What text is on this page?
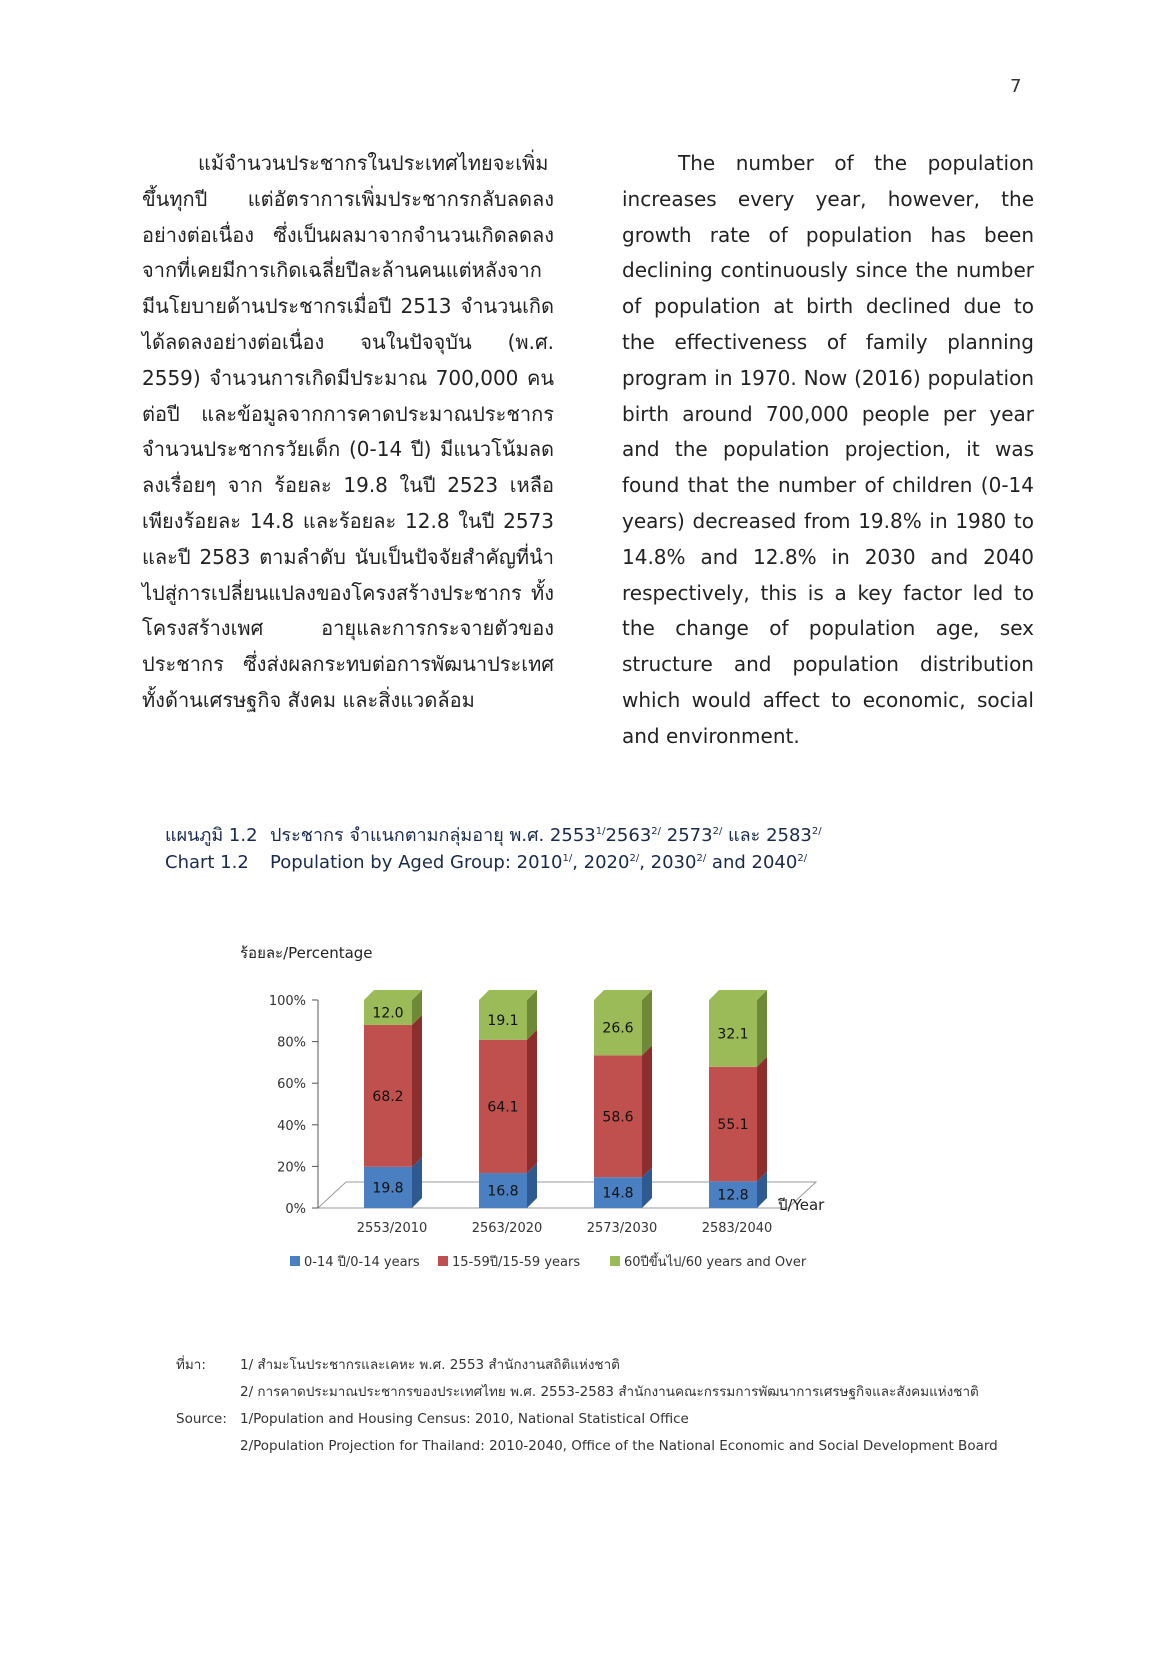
7

แม้จำนวนประชากรในประเทศไทยจะเพิ่มขึ้นทุกปี แต่อัตราการเพิ่มประชากรกลับลดลงอย่างต่อเนื่อง ซึ่งเป็นผลมาจากจำนวนเกิดลดลงจากที่เคยมีการเกิดเฉลี่ยปีละล้านคนแต่หลังจากมีนโยบายด้านประชากรเมื่อปี 2513 จำนวนเกิดได้ลดลงอย่างต่อเนื่อง จนในปัจจุบัน (พ.ศ. 2559) จำนวนการเกิดมีประมาณ 700,000 คนต่อปี และข้อมูลจากการคาดประมาณประชากร จำนวนประชากรวัยเด็ก (0-14 ปี) มีแนวโน้มลดลงเรื่อยๆ จาก ร้อยละ 19.8 ในปี 2523 เหลือเพียงร้อยละ 14.8 และร้อยละ 12.8 ในปี 2573 และปี 2583 ตามลำดับ นับเป็นปัจจัยสำคัญที่นำไปสู่การเปลี่ยนแปลงของโครงสร้างประชากร ทั้งโครงสร้างเพศ อายุและการกระจายตัวของประชากร ซึ่งส่งผลกระทบต่อการพัฒนาประเทศ ทั้งด้านเศรษฐกิจ สังคม และสิ่งแวดล้อม

The number of the population increases every year, however, the growth rate of population has been declining continuously since the number of population at birth declined due to the effectiveness of family planning program in 1970. Now (2016) population birth around 700,000 people per year and the population projection, it was found that the number of children (0-14 years) decreased from 19.8% in 1980 to 14.8% and 12.8% in 2030 and 2040 respectively, this is a key factor led to the change of population age, sex structure and population distribution which would affect to economic, social and environment.

แผนภูมิ 1.2 ประชากร จำแนกตามกลุ่มอายุ พ.ศ. $2553^{1/}2563^{2/}$ $2573^{2/}$ และ $2583^{2/}$
Chart 1.2 Population by Aged Group: $2010^{1/}$, $2020^{2/}$, $2030^{2/}$ and $2040^{2/}$
ร้อยละ/Percentage
0%
20%
40%
60%
80%
100%
19.8
68.2
12.0
2553/2010
16.8
64.1
19.1
2563/2020
14.8
58.6
26.6
2573/2030
12.8
55.1
32.1
2583/2040
ปี/Year
0-14 ปี/0-14 years 15-59ปี/15-59 years	60ปีขึ้นไป/60 years and Over
ที่มา:	1/ สำมะโนประชากรและเคหะ พ.ศ. 2553 สำนักงานสถิติแห่งชาติ
2/ การคาดประมาณประชากรของประเทศไทย พ.ศ. 2553-2583 สำนักงานคณะกรรมการพัฒนาการเศรษฐกิจและสังคมแห่งชาติ
Source: 1/Population and Housing Census: 2010, National Statistical Office
2/Population Projection for Thailand: 2010-2040, Office of the National Economic and Social Development Board
